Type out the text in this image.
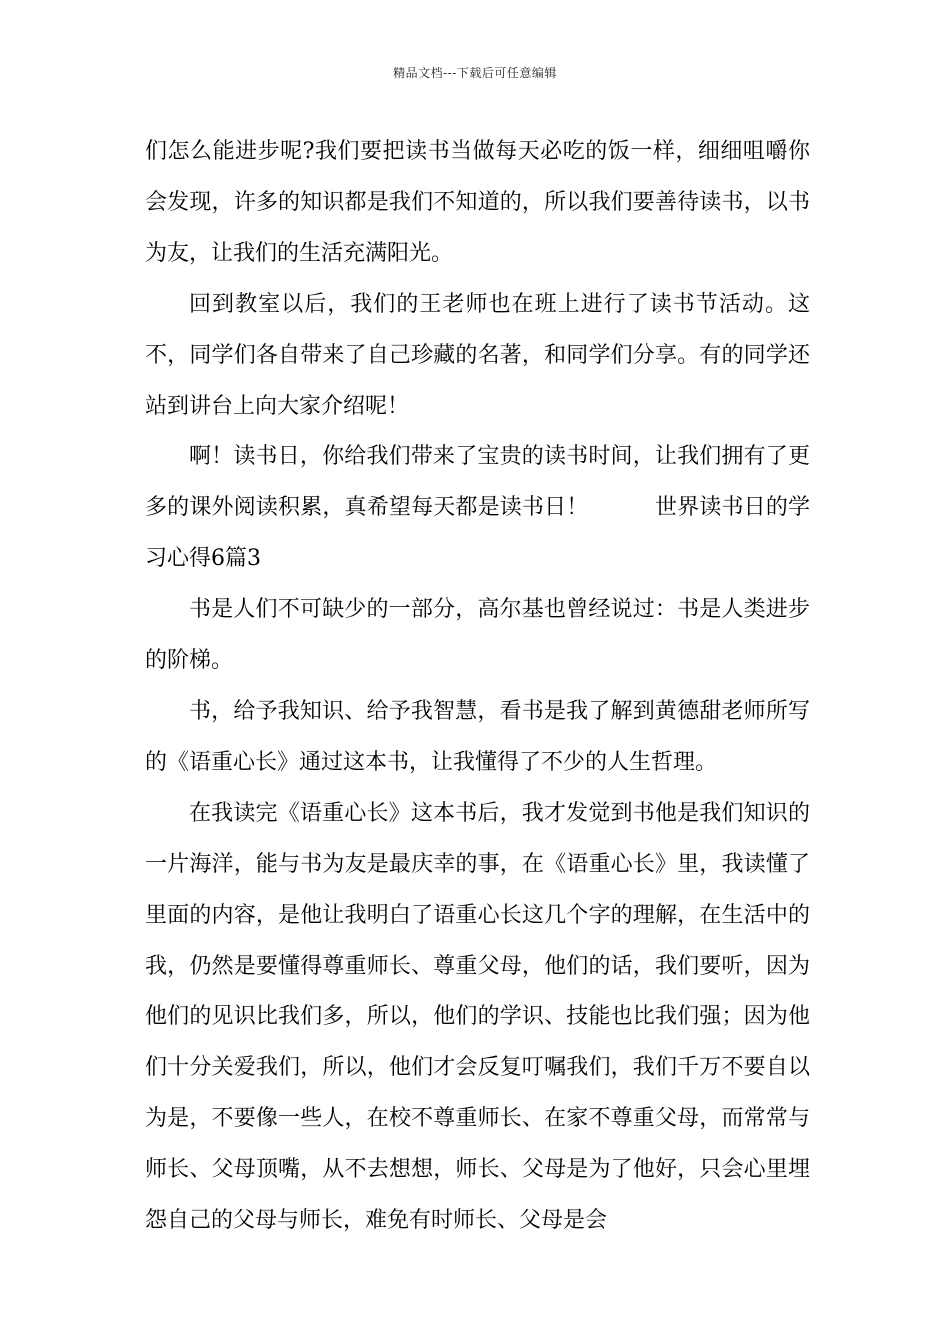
精品文档---下载后可任意编辑

们怎么能进步呢?我们要把读书当做每天必吃的饭一样，细细咀嚼你会发现，许多的知识都是我们不知道的，所以我们要善待读书，以书为友，让我们的生活充满阳光。

回到教室以后，我们的王老师也在班上进行了读书节活动。这不，同学们各自带来了自己珍藏的名著，和同学们分享。有的同学还站到讲台上向大家介绍呢！

啊！读书日，你给我们带来了宝贵的读书时间，让我们拥有了更多的课外阅读积累，真希望每天都是读书日！　　　世界读书日的学习心得6篇3

书是人们不可缺少的一部分，高尔基也曾经说过：书是人类进步的阶梯。

书，给予我知识、给予我智慧，看书是我了解到黄德甜老师所写的《语重心长》通过这本书，让我懂得了不少的人生哲理。

在我读完《语重心长》这本书后，我才发觉到书他是我们知识的一片海洋，能与书为友是最庆幸的事，在《语重心长》里，我读懂了里面的内容，是他让我明白了语重心长这几个字的理解，在生活中的我，仍然是要懂得尊重师长、尊重父母，他们的话，我们要听，因为他们的见识比我们多，所以，他们的学识、技能也比我们强；因为他们十分关爱我们，所以，他们才会反复叮嘱我们，我们千万不要自以为是，不要像一些人，在校不尊重师长、在家不尊重父母，而常常与师长、父母顶嘴，从不去想想，师长、父母是为了他好，只会心里埋怨自己的父母与师长，难免有时师长、父母是会
